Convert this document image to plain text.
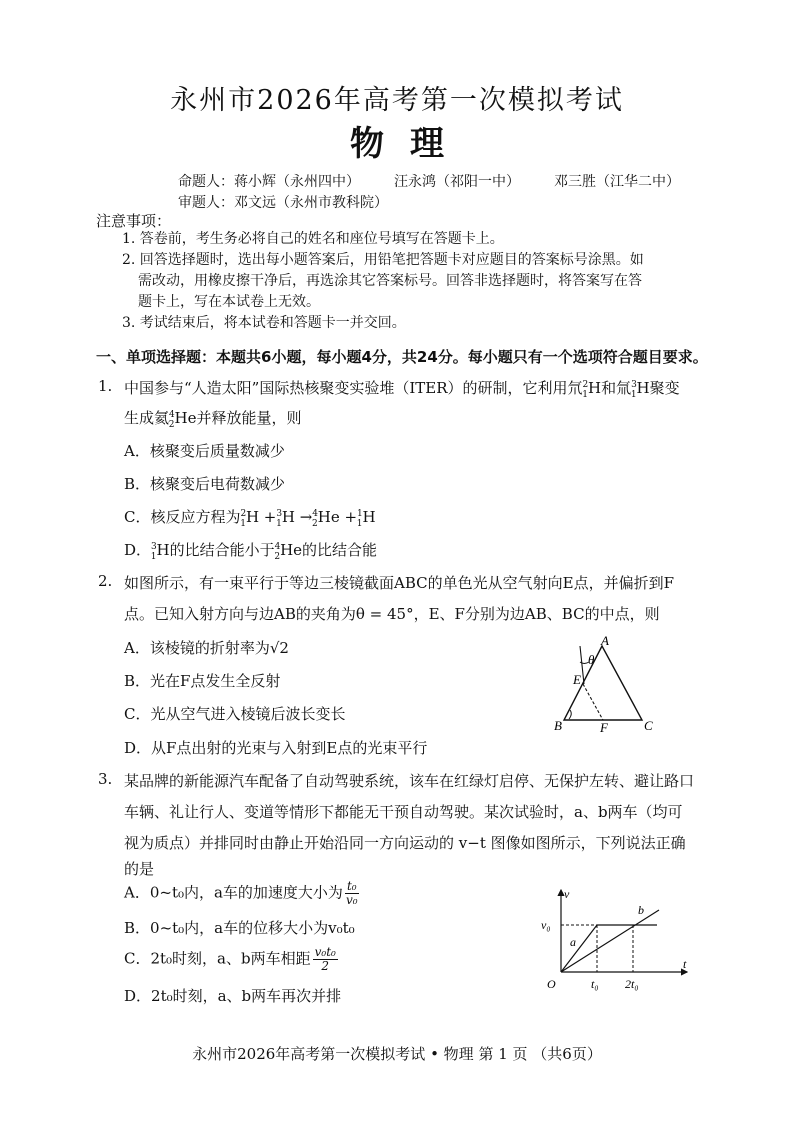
永州市2026年高考第一次模拟考试
物理
命题人：蒋小辉（永州四中） 汪永鸿（祁阳一中） 邓三胜（江华二中）
审题人：邓文远（永州市教科院）
注意事项：
1. 答卷前，考生务必将自己的姓名和座位号填写在答题卡上。
2. 回答选择题时，选出每小题答案后，用铅笔把答题卡对应题目的答案标号涂黑。如
需改动，用橡皮擦干净后，再选涂其它答案标号。回答非选择题时，将答案写在答
题卡上，写在本试卷上无效。
3. 考试结束后，将本试卷和答题卡一并交回。
一、单项选择题：本题共6小题，每小题4分，共24分。每小题只有一个选项符合题目要求。
1. 中国参与“人造太阳”国际热核聚变实验堆（ITER）的研制，它利用氘$^2_1$H和氚$^3_1$H聚变
生成氦$^4_2$He并释放能量，则
A．核聚变后质量数减少
B．核聚变后电荷数减少
C．核反应方程为$^2_1$H +$^3_1$H →$^4_2$He +$^1_1$H
D．$^3_1$H的比结合能小于$^4_2$He的比结合能
2. 如图所示，有一束平行于等边三棱镜截面ABC的单色光从空气射向E点，并偏折到F
点。已知入射方向与边AB的夹角为θ = 45°，E、F分别为边AB、BC的中点，则
A．该棱镜的折射率为√2
B．光在F点发生全反射
C．光从空气进入棱镜后波长变长
D．从F点出射的光束与入射到E点的光束平行
A
B	C
E
F
θ
3. 某品牌的新能源汽车配备了自动驾驶系统，该车在红绿灯启停、无保护左转、避让路口
车辆、礼让行人、变道等情形下都能无干预自动驾驶。某次试验时，a、b两车（均可
视为质点）并排同时由静止开始沿同一方向运动的 v−t 图像如图所示，下列说法正确
的是
A．0~t₀内，a车的加速度大小为 $\frac{\text{t₀}}{\text{v₀}}$
B．0~t₀内，a车的位移大小为v₀t₀
C．2t₀时刻，a、b两车相距 $\frac{\text{v₀t₀}}{2}$
D．2t₀时刻，a、b两车再次并排
v
t
O
v₀
t₀ 2t₀
a
b
永州市2026年高考第一次模拟考试 • 物理 第 1 页 （共6页）
